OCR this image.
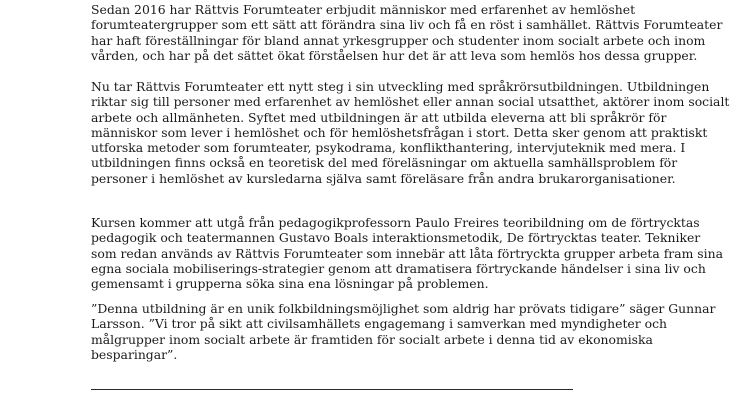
Sedan 2016 har Rättvis Forumteater erbjudit människor med erfarenhet av hemlöshet
forumteatergrupper som ett sätt att förändra sina liv och få en röst i samhället. Rättvis Forumteater
har haft föreställningar för bland annat yrkesgrupper och studenter inom socialt arbete och inom
vården, och har på det sättet ökat förståelsen hur det är att leva som hemlös hos dessa grupper.

Nu tar Rättvis Forumteater ett nytt steg i sin utveckling med språkrörsutbildningen. Utbildningen
riktar sig till personer med erfarenhet av hemlöshet eller annan social utsatthet, aktörer inom socialt
arbete och allmänheten. Syftet med utbildningen är att utbilda eleverna att bli språkrör för
människor som lever i hemlöshet och för hemlöshetsfrågan i stort. Detta sker genom att praktiskt
utforska metoder som forumteater, psykodrama, konflikthantering, intervjuteknik med mera. I
utbildningen finns också en teoretisk del med föreläsningar om aktuella samhällsproblem för
personer i hemlöshet av kursledarna själva samt föreläsare från andra brukarorganisationer.

Kursen kommer att utgå från pedagogikprofessorn Paulo Freires teoribildning om de förtrycktas
pedagogik och teatermannen Gustavo Boals interaktionsmetodik, De förtrycktas teater. Tekniker
som redan används av Rättvis Forumteater som innebär att låta förtryckta grupper arbeta fram sina
egna sociala mobiliserings-strategier genom att dramatisera förtryckande händelser i sina liv och
gemensamt i grupperna söka sina ena lösningar på problemen.

”Denna utbildning är en unik folkbildningsmöjlighet som aldrig har prövats tidigare” säger Gunnar
Larsson. ”Vi tror på sikt att civilsamhällets engagemang i samverkan med myndigheter och
målgrupper inom socialt arbete är framtiden för socialt arbete i denna tid av ekonomiska
besparingar”.
